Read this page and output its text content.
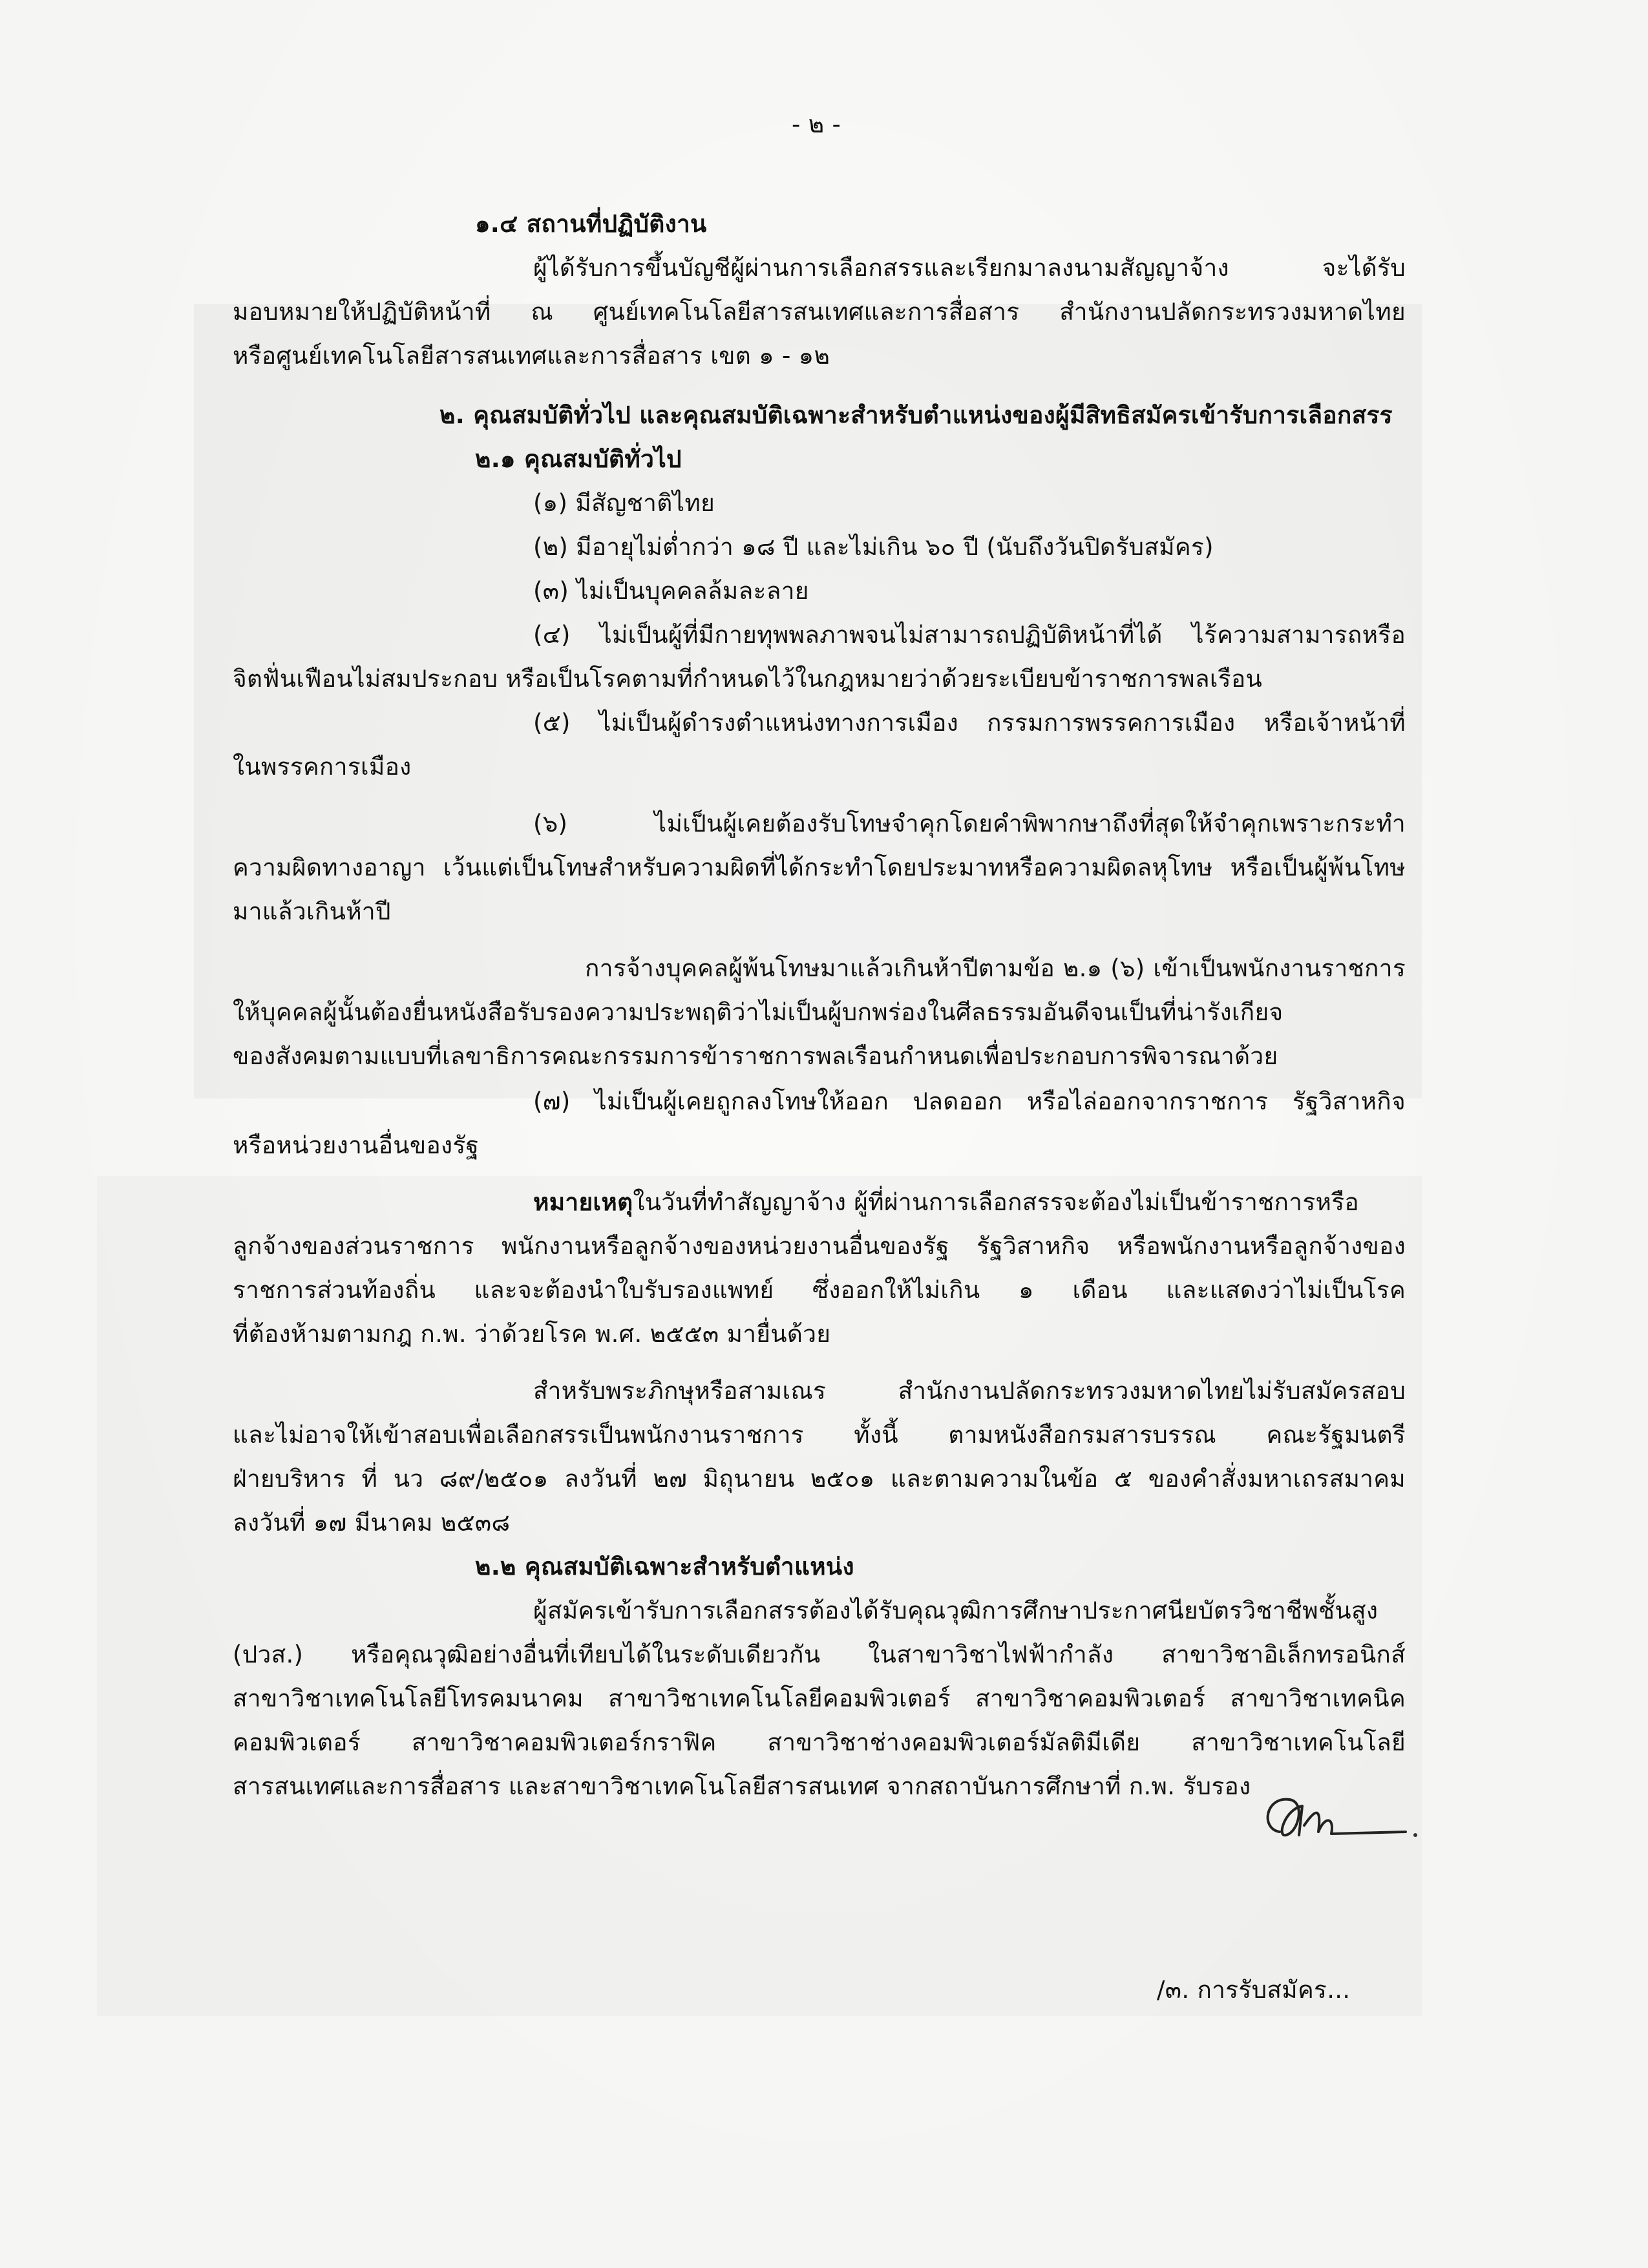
- ๒ -
๑.๔ สถานที่ปฏิบัติงาน
ผู้ได้รับการขึ้นบัญชีผู้ผ่านการเลือกสรรและเรียกมาลงนามสัญญาจ้าง จะได้รับ
มอบหมายให้ปฏิบัติหน้าที่ ณ ศูนย์เทคโนโลยีสารสนเทศและการสื่อสาร สำนักงานปลัดกระทรวงมหาดไทย
หรือศูนย์เทคโนโลยีสารสนเทศและการสื่อสาร เขต ๑ - ๑๒
๒. คุณสมบัติทั่วไป และคุณสมบัติเฉพาะสำหรับตำแหน่งของผู้มีสิทธิสมัครเข้ารับการเลือกสรร
๒.๑ คุณสมบัติทั่วไป
(๑) มีสัญชาติไทย
(๒) มีอายุไม่ต่ำกว่า ๑๘ ปี และไม่เกิน ๖๐ ปี (นับถึงวันปิดรับสมัคร)
(๓) ไม่เป็นบุคคลล้มละลาย
(๔) ไม่เป็นผู้ที่มีกายทุพพลภาพจนไม่สามารถปฏิบัติหน้าที่ได้ ไร้ความสามารถหรือ
จิตฟั่นเฟือนไม่สมประกอบ หรือเป็นโรคตามที่กำหนดไว้ในกฎหมายว่าด้วยระเบียบข้าราชการพลเรือน
(๕) ไม่เป็นผู้ดำรงตำแหน่งทางการเมือง กรรมการพรรคการเมือง หรือเจ้าหน้าที่
ในพรรคการเมือง
(๖) ไม่เป็นผู้เคยต้องรับโทษจำคุกโดยคำพิพากษาถึงที่สุดให้จำคุกเพราะกระทำ
ความผิดทางอาญา เว้นแต่เป็นโทษสำหรับความผิดที่ได้กระทำโดยประมาทหรือความผิดลหุโทษ หรือเป็นผู้พ้นโทษ
มาแล้วเกินห้าปี
การจ้างบุคคลผู้พ้นโทษมาแล้วเกินห้าปีตามข้อ ๒.๑ (๖) เข้าเป็นพนักงานราชการ
ให้บุคคลผู้นั้นต้องยื่นหนังสือรับรองความประพฤติว่าไม่เป็นผู้บกพร่องในศีลธรรมอันดีจนเป็นที่น่ารังเกียจ
ของสังคมตามแบบที่เลขาธิการคณะกรรมการข้าราชการพลเรือนกำหนดเพื่อประกอบการพิจารณาด้วย
(๗) ไม่เป็นผู้เคยถูกลงโทษให้ออก ปลดออก หรือไล่ออกจากราชการ รัฐวิสาหกิจ
หรือหน่วยงานอื่นของรัฐ
หมายเหตุ ในวันที่ทำสัญญาจ้าง ผู้ที่ผ่านการเลือกสรรจะต้องไม่เป็นข้าราชการหรือ
ลูกจ้างของส่วนราชการ พนักงานหรือลูกจ้างของหน่วยงานอื่นของรัฐ รัฐวิสาหกิจ หรือพนักงานหรือลูกจ้างของ
ราชการส่วนท้องถิ่น และจะต้องนำใบรับรองแพทย์ ซึ่งออกให้ไม่เกิน ๑ เดือน และแสดงว่าไม่เป็นโรค
ที่ต้องห้ามตามกฎ ก.พ. ว่าด้วยโรค พ.ศ. ๒๕๕๓ มายื่นด้วย
สำหรับพระภิกษุหรือสามเณร สำนักงานปลัดกระทรวงมหาดไทยไม่รับสมัครสอบ
และไม่อาจให้เข้าสอบเพื่อเลือกสรรเป็นพนักงานราชการ ทั้งนี้ ตามหนังสือกรมสารบรรณ คณะรัฐมนตรี
ฝ่ายบริหาร ที่ นว ๘๙/๒๕๐๑ ลงวันที่ ๒๗ มิถุนายน ๒๕๐๑ และตามความในข้อ ๕ ของคำสั่งมหาเถรสมาคม
ลงวันที่ ๑๗ มีนาคม ๒๕๓๘
๒.๒ คุณสมบัติเฉพาะสำหรับตำแหน่ง
ผู้สมัครเข้ารับการเลือกสรรต้องได้รับคุณวุฒิการศึกษาประกาศนียบัตรวิชาชีพชั้นสูง
(ปวส.) หรือคุณวุฒิอย่างอื่นที่เทียบได้ในระดับเดียวกัน ในสาขาวิชาไฟฟ้ากำลัง สาขาวิชาอิเล็กทรอนิกส์
สาขาวิชาเทคโนโลยีโทรคมนาคม สาขาวิชาเทคโนโลยีคอมพิวเตอร์ สาขาวิชาคอมพิวเตอร์ สาขาวิชาเทคนิค
คอมพิวเตอร์ สาขาวิชาคอมพิวเตอร์กราฟิค สาขาวิชาช่างคอมพิวเตอร์มัลติมีเดีย สาขาวิชาเทคโนโลยี
สารสนเทศและการสื่อสาร และสาขาวิชาเทคโนโลยีสารสนเทศ จากสถาบันการศึกษาที่ ก.พ. รับรอง
/๓. การรับสมัคร...
